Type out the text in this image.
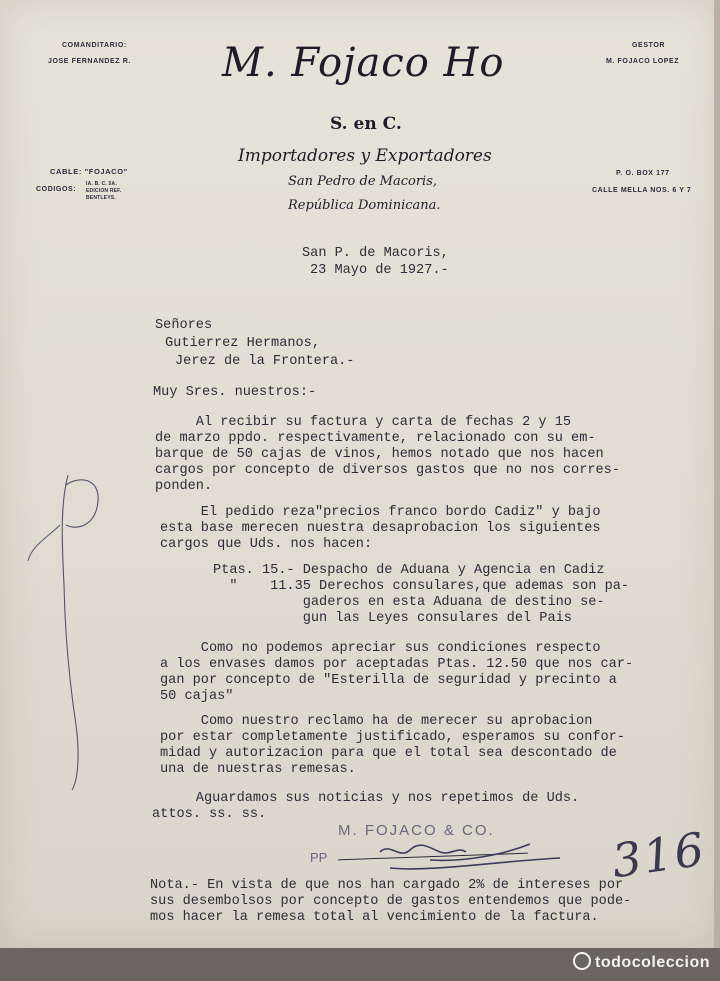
COMANDITARIO:
JOSE FERNANDEZ R.
GESTOR
M. FOJACO LOPEZ
M. Fojaco Ho
S. en C.
Importadores y Exportadores
San Pedro de Macoris,
República Dominicana.
CABLE: "FOJACO"
CODIGOS:
IA. B. C. 5A.
EDICION REF.
BENTLEYS.
P. O. BOX 177
CALLE MELLA NOS. 6 Y 7
San P. de Macoris,
23 Mayo de 1927.-
Señores
Gutierrez Hermanos,
Jerez de la Frontera.-
Muy Sres. nuestros:-
Al recibir su factura y carta de fechas 2 y 15
de marzo ppdo. respectivamente, relacionado con su em-
barque de 50 cajas de vinos, hemos notado que nos hacen
cargos por concepto de diversos gastos que no nos corres-
ponden.
El pedido reza"precios franco bordo Cadiz" y bajo
esta base merecen nuestra desaprobacion los siguientes
cargos que Uds. nos hacen:
Ptas. 15.- Despacho de Aduana y Agencia en Cadiz
"    11.35 Derechos consulares,que ademas son pa-
gaderos en esta Aduana de destino se-
gun las Leyes consulares del Pais
Como no podemos apreciar sus condiciones respecto
a los envases damos por aceptadas Ptas. 12.50 que nos car-
gan por concepto de "Esterilla de seguridad y precinto a
50 cajas"
Como nuestro reclamo ha de merecer su aprobacion
por estar completamente justificado, esperamos su confor-
midad y autorizacion para que el total sea descontado de
una de nuestras remesas.
Aguardamos sus noticias y nos repetimos de Uds.
attos. ss. ss.
M. FOJACO & CO.
PP	316
Nota.- En vista de que nos han cargado 2% de intereses por
sus desembolsos por concepto de gastos entendemos que pode-
mos hacer la remesa total al vencimiento de la factura.
todocoleccion
